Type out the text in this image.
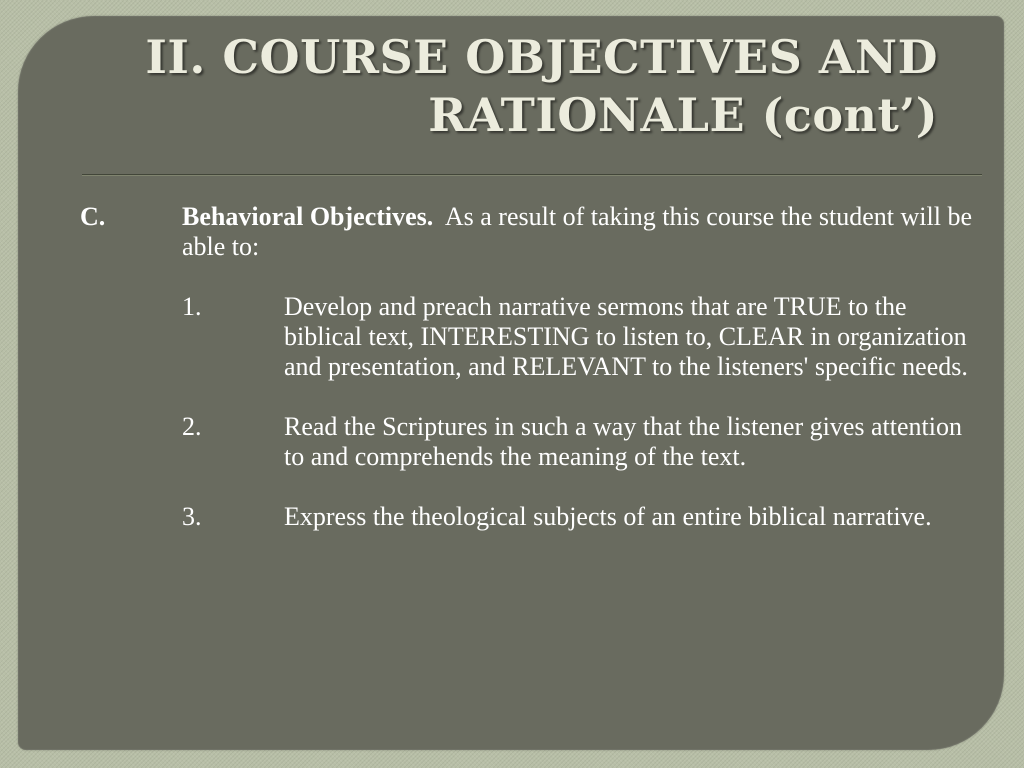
II. COURSE OBJECTIVES AND
RATIONALE (cont’)
C.	Behavioral Objectives. As a result of taking this course the student will be able to:
1.	Develop and preach narrative sermons that are TRUE to the biblical text, INTERESTING to listen to, CLEAR in organization and presentation, and RELEVANT to the listeners' specific needs.
2.	Read the Scriptures in such a way that the listener gives attention to and comprehends the meaning of the text.
3.	Express the theological subjects of an entire biblical narrative.
